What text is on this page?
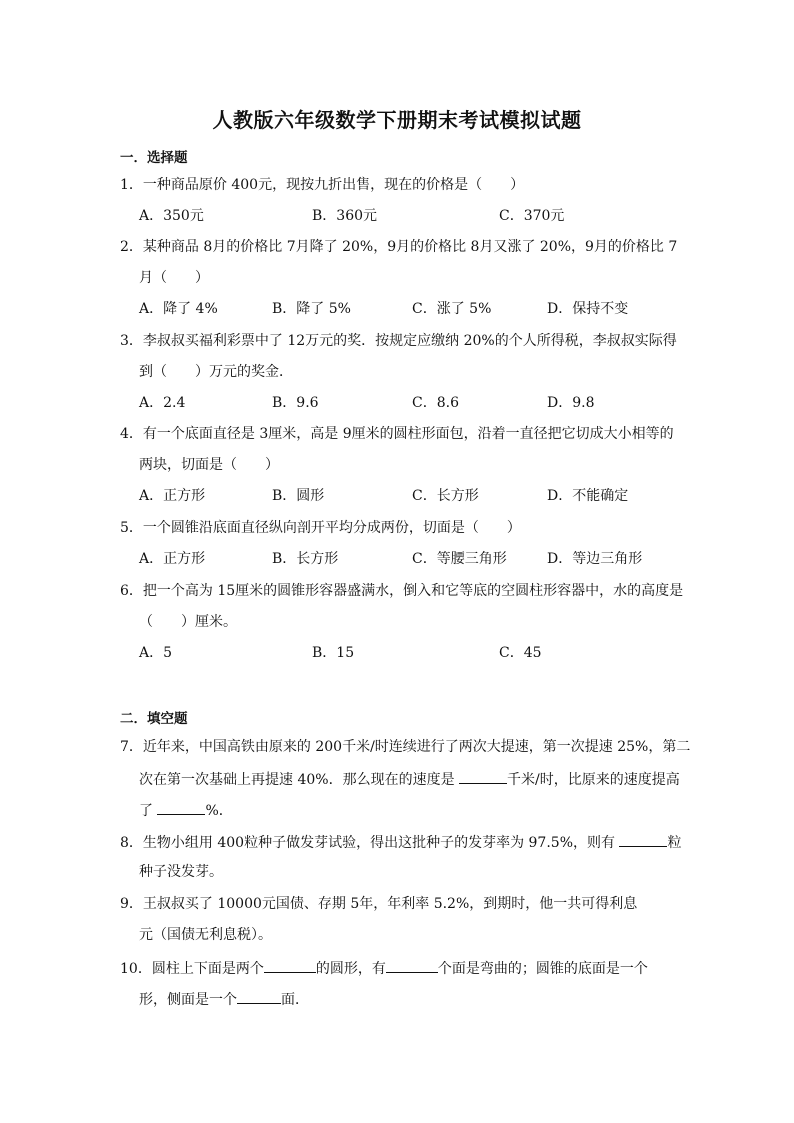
人教版六年级数学下册期末考试模拟试题
一．选择题
1．一种商品原价 400元，现按九折出售，现在的价格是（　　）
A．350元	B．360元	C．370元
2．某种商品 8月的价格比 7月降了 20%，9月的价格比 8月又涨了 20%，9月的价格比 7
月（　　）
A．降了 4%	B．降了 5%	C．涨了 5%	D．保持不变
3．李叔叔买福利彩票中了 12万元的奖．按规定应缴纳 20%的个人所得税，李叔叔实际得
到（　　）万元的奖金．
A．2.4	B．9.6	C．8.6	D．9.8
4．有一个底面直径是 3厘米，高是 9厘米的圆柱形面包，沿着一直径把它切成大小相等的
两块，切面是（　　）
A．正方形	B．圆形	C．长方形	D．不能确定
5．一个圆锥沿底面直径纵向剖开平均分成两份，切面是（　　）
A．正方形	B．长方形	C．等腰三角形	D．等边三角形
6．把一个高为 15厘米的圆锥形容器盛满水，倒入和它等底的空圆柱形容器中，水的高度是
（　　）厘米。
A．5	B．15	C．45
二．填空题
7．近年来，中国高铁由原来的 200千米/时连续进行了两次大提速，第一次提速 25%，第二
次在第一次基础上再提速 40%．那么现在的速度是	千米/时，比原来的速度提高
了	%．
8．生物小组用 400粒种子做发芽试验，得出这批种子的发芽率为 97.5%，则有	粒
种子没发芽。
9．王叔叔买了 10000元国债、存期 5年，年利率 5.2%，到期时，他一共可得利息
元（国债无利息税）。
10．圆柱上下面是两个	的圆形，有	个面是弯曲的；圆锥的底面是一个
形，侧面是一个	面．
